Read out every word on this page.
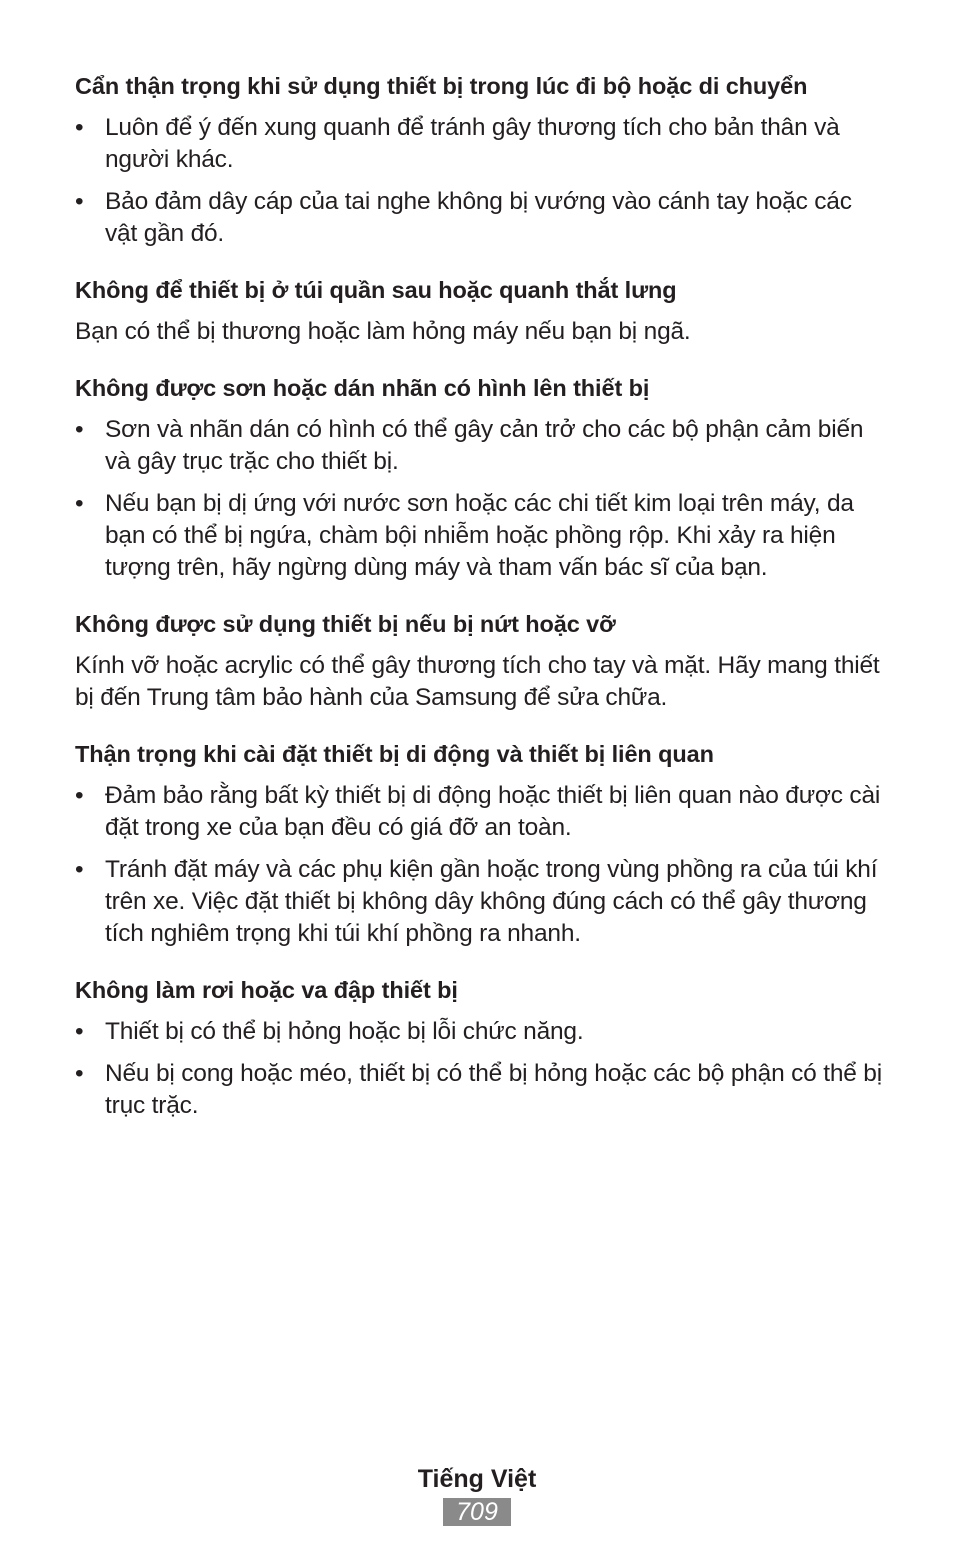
Cẩn thận trọng khi sử dụng thiết bị trong lúc đi bộ hoặc di chuyển
• Luôn để ý đến xung quanh để tránh gây thương tích cho bản thân và người khác.
• Bảo đảm dây cáp của tai nghe không bị vướng vào cánh tay hoặc các vật gần đó.
Không để thiết bị ở túi quần sau hoặc quanh thắt lưng

Bạn có thể bị thương hoặc làm hỏng máy nếu bạn bị ngã.

Không được sơn hoặc dán nhãn có hình lên thiết bị
• Sơn và nhãn dán có hình có thể gây cản trở cho các bộ phận cảm biến và gây trục trặc cho thiết bị.
• Nếu bạn bị dị ứng với nước sơn hoặc các chi tiết kim loại trên máy, da bạn có thể bị ngứa, chàm bội nhiễm hoặc phồng rộp. Khi xảy ra hiện tượng trên, hãy ngừng dùng máy và tham vấn bác sĩ của bạn.
Không được sử dụng thiết bị nếu bị nứt hoặc vỡ

Kính vỡ hoặc acrylic có thể gây thương tích cho tay và mặt. Hãy mang thiết bị đến Trung tâm bảo hành của Samsung để sửa chữa.

Thận trọng khi cài đặt thiết bị di động và thiết bị liên quan
• Đảm bảo rằng bất kỳ thiết bị di động hoặc thiết bị liên quan nào được cài đặt trong xe của bạn đều có giá đỡ an toàn.
• Tránh đặt máy và các phụ kiện gần hoặc trong vùng phồng ra của túi khí trên xe. Việc đặt thiết bị không dây không đúng cách có thể gây thương tích nghiêm trọng khi túi khí phồng ra nhanh.
Không làm rơi hoặc va đập thiết bị
• Thiết bị có thể bị hỏng hoặc bị lỗi chức năng.
• Nếu bị cong hoặc méo, thiết bị có thể bị hỏng hoặc các bộ phận có thể bị trục trặc.
Tiếng Việt
709
